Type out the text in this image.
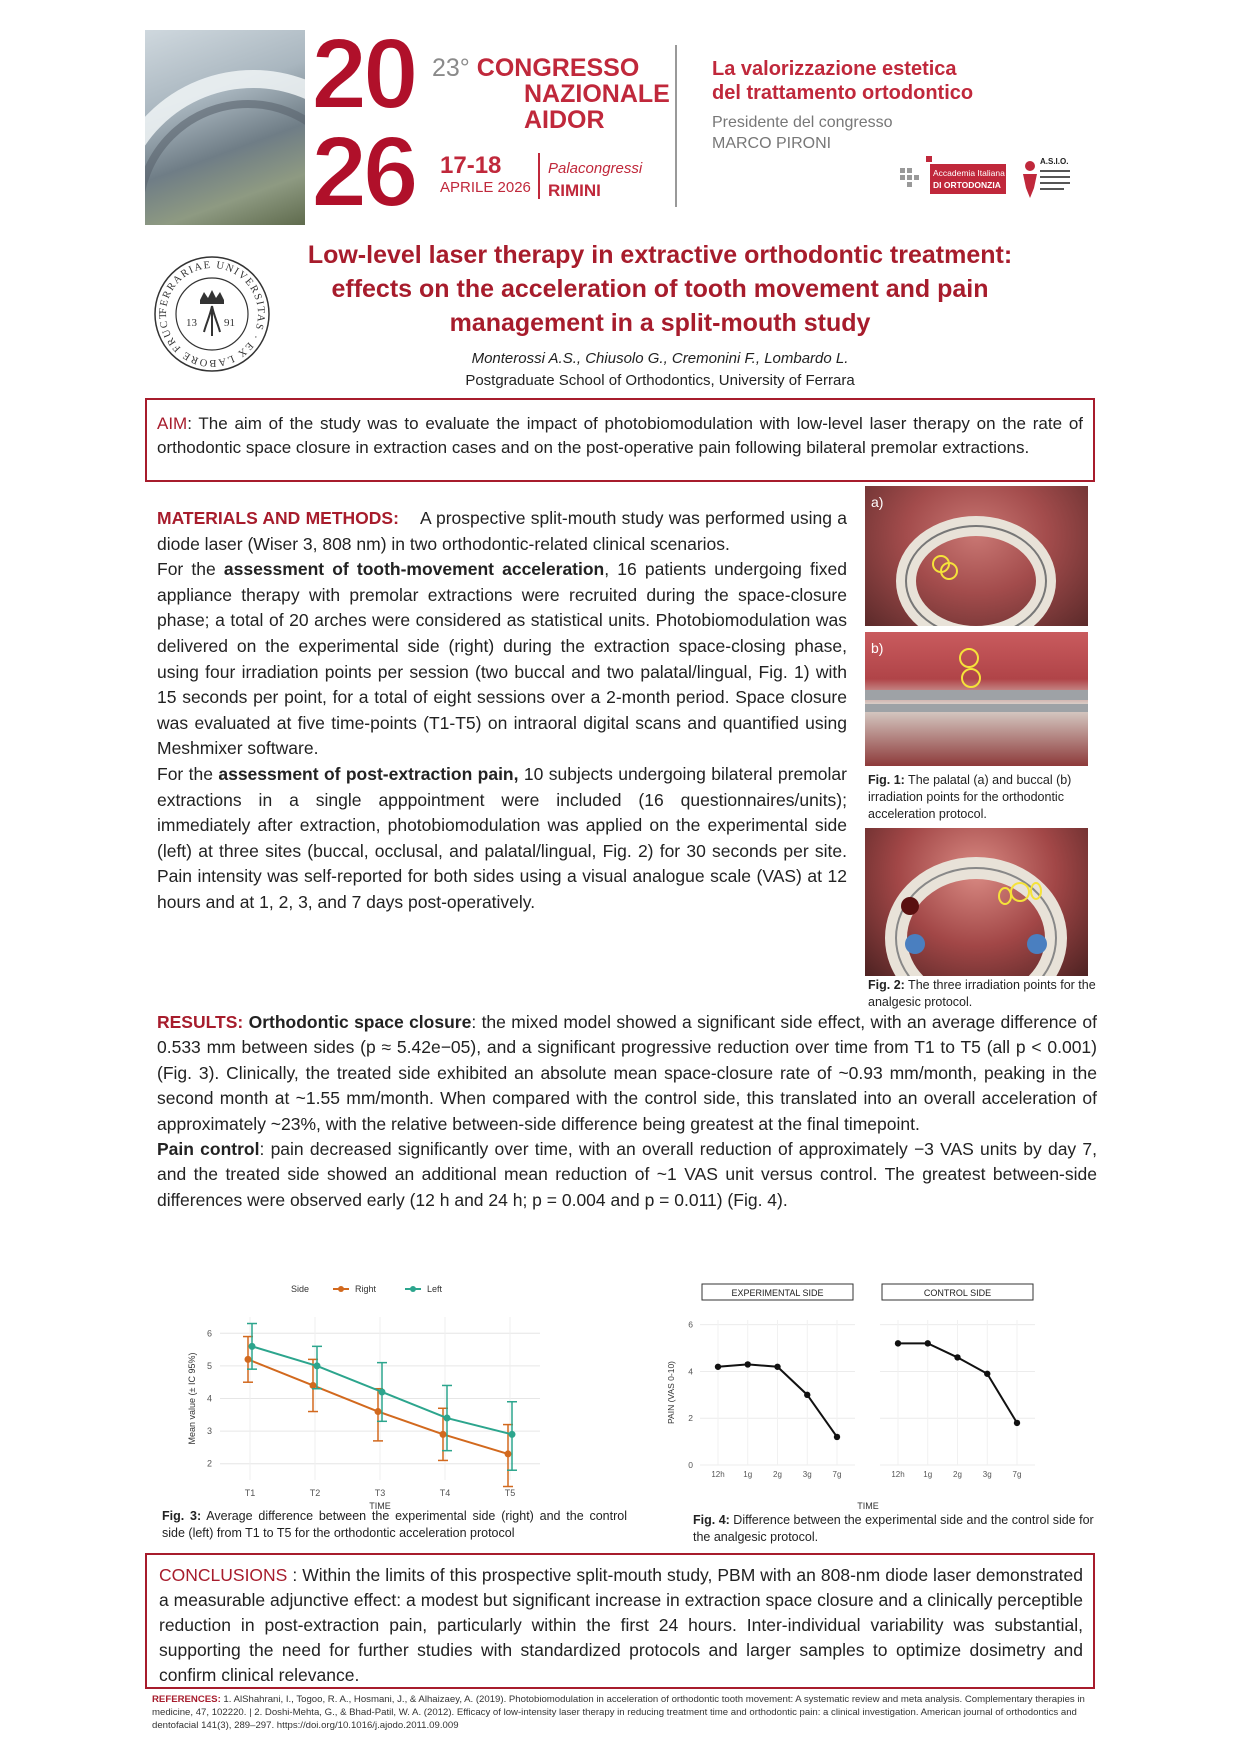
20
26
23° CONGRESSO
NAZIONALE
AIDOR
17-18
APRILE 2026
Palacongressi
RIMINI
La valorizzazione estetica
del trattamento ortodontico
Presidente del congresso
MARCO PIRONI
Accademia Italiana
DI ORTODONZIA
A.S.I.O.
FERRARIAE UNIVERSITAS · EX LABORE FRUCT
13 91
Low-level laser therapy in extractive orthodontic treatment:
effects on the acceleration of tooth movement and pain
management in a split-mouth study
Monterossi A.S., Chiusolo G., Cremonini F., Lombardo L.
Postgraduate School of Orthodontics, University of Ferrara
AIM: The aim of the study was to evaluate the impact of photobiomodulation with low-level laser therapy on the rate of orthodontic space closure in extraction cases and on the post-operative pain following bilateral premolar extractions.

MATERIALS AND METHODS: A prospective split-mouth study was performed using a diode laser (Wiser 3, 808 nm) in two orthodontic-related clinical scenarios.

For the assessment of tooth-movement acceleration, 16 patients undergoing fixed appliance therapy with premolar extractions were recruited during the space-closure phase; a total of 20 arches were considered as statistical units. Photobiomodulation was delivered on the experimental side (right) during the extraction space-closing phase, using four irradiation points per session (two buccal and two palatal/lingual, Fig. 1) with 15 seconds per point, for a total of eight sessions over a 2-month period. Space closure was evaluated at five time-points (T1-T5) on intraoral digital scans and quantified using Meshmixer software.

For the assessment of post-extraction pain, 10 subjects undergoing bilateral premolar extractions in a single apppointment were included (16 questionnaires/units); immediately after extraction, photobiomodulation was applied on the experimental side (left) at three sites (buccal, occlusal, and palatal/lingual, Fig. 2) for 30 seconds per site. Pain intensity was self-reported for both sides using a visual analogue scale (VAS) at 12 hours and at 1, 2, 3, and 7 days post-operatively.

a)
b)
Fig. 1: The palatal (a) and buccal (b) irradiation points for the orthodontic acceleration protocol.
Fig. 2: The three irradiation points for the analgesic protocol.

RESULTS: Orthodontic space closure: the mixed model showed a significant side effect, with an average difference of 0.533 mm between sides (p ≈ 5.42e−05), and a significant progressive reduction over time from T1 to T5 (all p < 0.001) (Fig. 3). Clinically, the treated side exhibited an absolute mean space-closure rate of ~0.93 mm/month, peaking in the second month at ~1.55 mm/month. When compared with the control side, this translated into an overall acceleration of approximately ~23%, with the relative between-side difference being greatest at the final timepoint.

Pain control: pain decreased significantly over time, with an overall reduction of approximately −3 VAS units by day 7, and the treated side showed an additional mean reduction of ~1 VAS unit versus control. The greatest between-side differences were observed early (12 h and 24 h; p = 0.004 and p = 0.011) (Fig. 4).

2
3
4
5
6
T1	T2	T3	T4	T5
TIME
Mean value (± IC 95%)
Side	Right	Left
Fig. 3: Average difference between the experimental side (right) and the control side (left) from T1 to T5 for the orthodontic acceleration protocol
PAIN (VAS 0-10)
TIME
0
2
4
6
EXPERIMENTAL SIDE
12h 1g	2g	3g	7g
CONTROL SIDE
12h 1g	2g	3g	7g
Fig. 4: Difference between the experimental side and the control side for the analgesic protocol.
CONCLUSIONS : Within the limits of this prospective split-mouth study, PBM with an 808-nm diode laser demonstrated a measurable adjunctive effect: a modest but significant increase in extraction space closure and a clinically perceptible reduction in post-extraction pain, particularly within the first 24 hours. Inter-individual variability was substantial, supporting the need for further studies with standardized protocols and larger samples to optimize dosimetry and confirm clinical relevance.
REFERENCES: 1. AlShahrani, I., Togoo, R. A., Hosmani, J., & Alhaizaey, A. (2019). Photobiomodulation in acceleration of orthodontic tooth movement: A systematic review and meta analysis. Complementary therapies in medicine, 47, 102220. | 2. Doshi-Mehta, G., & Bhad-Patil, W. A. (2012). Efficacy of low-intensity laser therapy in reducing treatment time and orthodontic pain: a clinical investigation. American journal of orthodontics and dentofacial 141(3), 289–297. https://doi.org/10.1016/j.ajodo.2011.09.009
